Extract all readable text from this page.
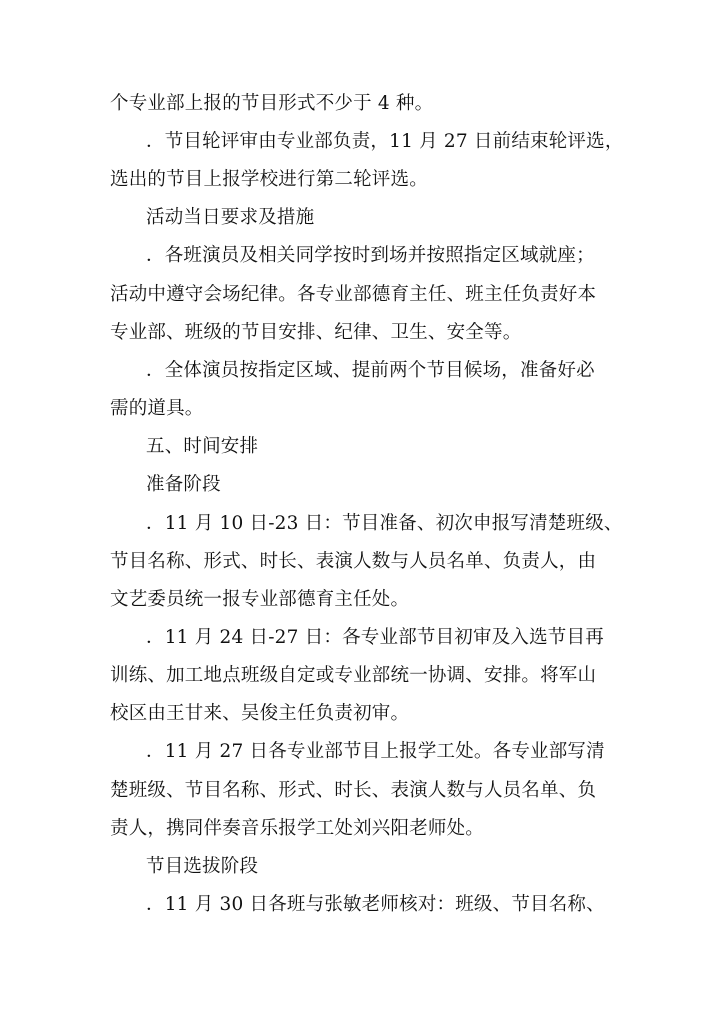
个专业部上报的节目形式不少于 4 种。
．节目轮评审由专业部负责，11 月 27 日前结束轮评选，
选出的节目上报学校进行第二轮评选。
活动当日要求及措施
．各班演员及相关同学按时到场并按照指定区域就座；
活动中遵守会场纪律。各专业部德育主任、班主任负责好本
专业部、班级的节目安排、纪律、卫生、安全等。
．全体演员按指定区域、提前两个节目候场，准备好必
需的道具。
五、时间安排
准备阶段
．11 月 10 日-23 日：节目准备、初次申报写清楚班级、
节目名称、形式、时长、表演人数与人员名单、负责人，由
文艺委员统一报专业部德育主任处。
．11 月 24 日-27 日：各专业部节目初审及入选节目再
训练、加工地点班级自定或专业部统一协调、安排。将军山
校区由王甘来、吴俊主任负责初审。
．11 月 27 日各专业部节目上报学工处。各专业部写清
楚班级、节目名称、形式、时长、表演人数与人员名单、负
责人，携同伴奏音乐报学工处刘兴阳老师处。
节目选拔阶段
．11 月 30 日各班与张敏老师核对：班级、节目名称、
